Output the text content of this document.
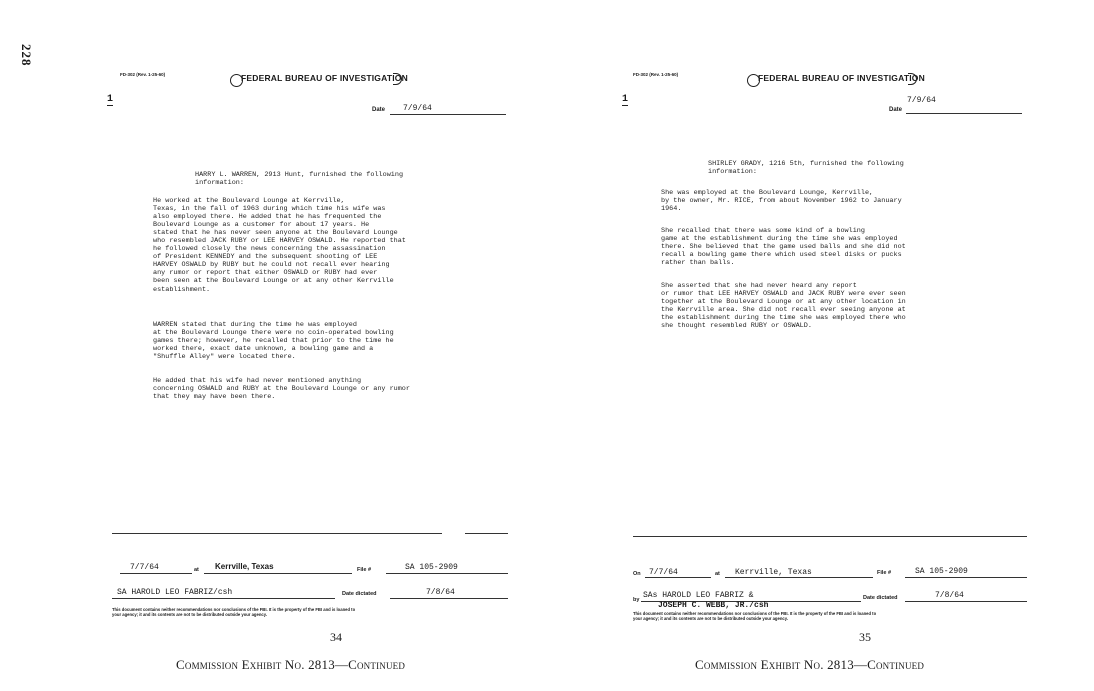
228
FD-302 (Rev. 1-25-60)	FEDERAL BUREAU OF INVESTIGATION
1
Date 7/9/64
HARRY L. WARREN, 2913 Hunt, furnished the following
information:
He worked at the Boulevard Lounge at Kerrville,
Texas, in the fall of 1963 during which time his wife was
also employed there. He added that he has frequented the
Boulevard Lounge as a customer for about 17 years. He
stated that he has never seen anyone at the Boulevard Lounge
who resembled JACK RUBY or LEE HARVEY OSWALD. He reported that
he followed closely the news concerning the assassination
of President KENNEDY and the subsequent shooting of LEE
HARVEY OSWALD by RUBY but he could not recall ever hearing
any rumor or report that either OSWALD or RUBY had ever
been seen at the Boulevard Lounge or at any other Kerrville
establishment.
WARREN stated that during the time he was employed
at the Boulevard Lounge there were no coin-operated bowling
games there; however, he recalled that prior to the time he
worked there, exact date unknown, a bowling game and a
"Shuffle Alley" were located there.
He added that his wife had never mentioned anything
concerning OSWALD and RUBY at the Boulevard Lounge or any rumor
that they may have been there.
7/7/64	at Kerrville, Texas	File #	SA 105-2909
SA HAROLD LEO FABRIZ/csh	Date dictated	7/8/64
This document contains neither recommendations nor conclusions of the FBI. It is the property of the FBI and is loaned to
your agency; it and its contents are not to be distributed outside your agency.
34
Commission Exhibit No. 2813—Continued
FD-302 (Rev. 1-25-60)	FEDERAL BUREAU OF INVESTIGATION
1	7/9/64
Date
SHIRLEY GRADY, 1216 5th, furnished the following
information:
She was employed at the Boulevard Lounge, Kerrville,
by the owner, Mr. RICE, from about November 1962 to January
1964.
She recalled that there was some kind of a bowling
game at the establishment during the time she was employed
there. She believed that the game used balls and she did not
recall a bowling game there which used steel disks or pucks
rather than balls.
She asserted that she had never heard any report
or rumor that LEE HARVEY OSWALD and JACK RUBY were ever seen
together at the Boulevard Lounge or at any other location in
the Kerrville area. She did not recall ever seeing anyone at
the establishment during the time she was employed there who
she thought resembled RUBY or OSWALD.
On 7/7/64	at Kerrville, Texas	File #	SA 105-2909
by SAs HAROLD LEO FABRIZ &
JOSEPH C. WEBB, JR./csh
Date dictated	7/8/64
This document contains neither recommendations nor conclusions of the FBI. It is the property of the FBI and is loaned to
your agency; it and its contents are not to be distributed outside your agency.
35
Commission Exhibit No. 2813—Continued
